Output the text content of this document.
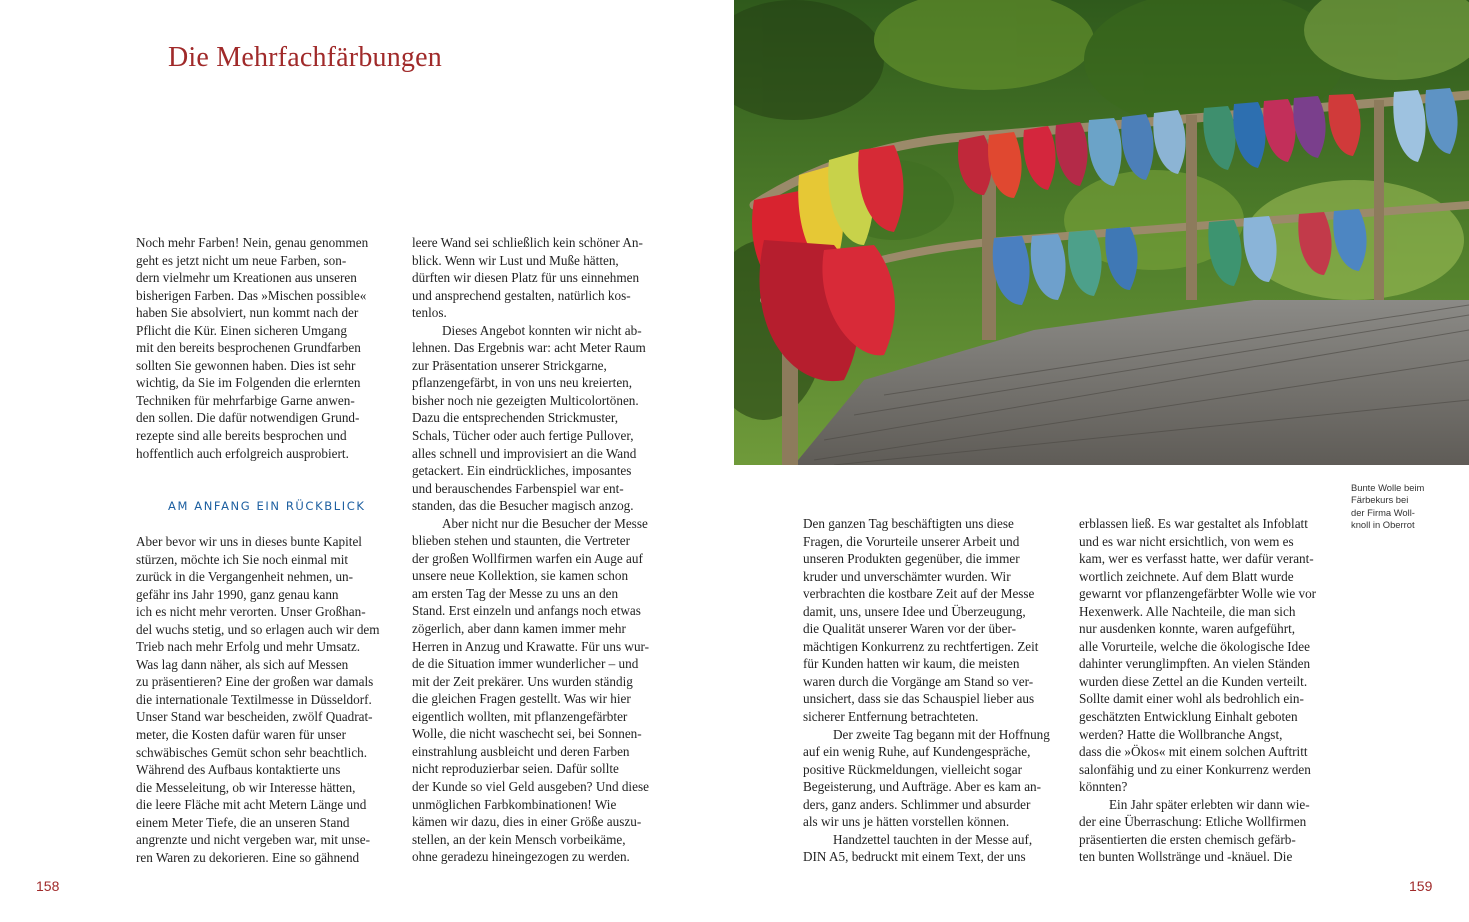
Die Mehrfachfärbungen

Noch mehr Farben! Nein, genau genommen
geht es jetzt nicht um neue Farben, son-
dern vielmehr um Kreationen aus unseren
bisherigen Farben. Das »Mischen possible«
haben Sie absolviert, nun kommt nach der
Pflicht die Kür. Einen sicheren Umgang
mit den bereits besprochenen Grundfarben
sollten Sie gewonnen haben. Dies ist sehr
wichtig, da Sie im Folgenden die erlernten
Techniken für mehrfarbige Garne anwen-
den sollen. Die dafür notwendigen Grund-
rezepte sind alle bereits besprochen und
hoffentlich auch erfolgreich ausprobiert.

AM ANFANG EIN RÜCKBLICK

Aber bevor wir uns in dieses bunte Kapitel
stürzen, möchte ich Sie noch einmal mit
zurück in die Vergangenheit nehmen, un-
gefähr ins Jahr 1990, ganz genau kann
ich es nicht mehr verorten. Unser Großhan-
del wuchs stetig, und so erlagen auch wir dem
Trieb nach mehr Erfolg und mehr Umsatz.
Was lag dann näher, als sich auf Messen
zu präsentieren? Eine der großen war damals
die internationale Textilmesse in Düsseldorf.
Unser Stand war bescheiden, zwölf Quadrat-
meter, die Kosten dafür waren für unser
schwäbisches Gemüt schon sehr beachtlich.
Während des Aufbaus kontaktierte uns
die Messeleitung, ob wir Interesse hätten,
die leere Fläche mit acht Metern Länge und
einem Meter Tiefe, die an unseren Stand
angrenzte und nicht vergeben war, mit unse-
ren Waren zu dekorieren. Eine so gähnend

leere Wand sei schließlich kein schöner An-
blick. Wenn wir Lust und Muße hätten,
dürften wir diesen Platz für uns einnehmen
und ansprechend gestalten, natürlich kos-
tenlos.

Dieses Angebot konnten wir nicht ab-
lehnen. Das Ergebnis war: acht Meter Raum
zur Präsentation unserer Strickgarne,
pflanzengefärbt, in von uns neu kreierten,
bisher noch nie gezeigten Multicolortönen.
Dazu die entsprechenden Strickmuster,
Schals, Tücher oder auch fertige Pullover,
alles schnell und improvisiert an die Wand
getackert. Ein eindrückliches, imposantes
und berauschendes Farbenspiel war ent-
standen, das die Besucher magisch anzog.

Aber nicht nur die Besucher der Messe
blieben stehen und staunten, die Vertreter
der großen Wollfirmen warfen ein Auge auf
unsere neue Kollektion, sie kamen schon
am ersten Tag der Messe zu uns an den
Stand. Erst einzeln und anfangs noch etwas
zögerlich, aber dann kamen immer mehr
Herren in Anzug und Krawatte. Für uns wur-
de die Situation immer wunderlicher – und
mit der Zeit prekärer. Uns wurden ständig
die gleichen Fragen gestellt. Was wir hier
eigentlich wollten, mit pflanzengefärbter
Wolle, die nicht waschecht sei, bei Sonnen-
einstrahlung ausbleicht und deren Farben
nicht reproduzierbar seien. Dafür sollte
der Kunde so viel Geld ausgeben? Und diese
unmöglichen Farbkombinationen! Wie
kämen wir dazu, dies in einer Größe auszu-
stellen, an der kein Mensch vorbeikäme,
ohne geradezu hineingezogen zu werden.

158
Bunte Wolle beim
Färbekurs bei
der Firma Woll-
knoll in Oberrot

Den ganzen Tag beschäftigten uns diese
Fragen, die Vorurteile unserer Arbeit und
unseren Produkten gegenüber, die immer
kruder und unverschämter wurden. Wir
verbrachten die kostbare Zeit auf der Messe
damit, uns, unsere Idee und Überzeugung,
die Qualität unserer Waren vor der über-
mächtigen Konkurrenz zu rechtfertigen. Zeit
für Kunden hatten wir kaum, die meisten
waren durch die Vorgänge am Stand so ver-
unsichert, dass sie das Schauspiel lieber aus
sicherer Entfernung betrachteten.

Der zweite Tag begann mit der Hoffnung
auf ein wenig Ruhe, auf Kundengespräche,
positive Rückmeldungen, vielleicht sogar
Begeisterung, und Aufträge. Aber es kam an-
ders, ganz anders. Schlimmer und absurder
als wir uns je hätten vorstellen können.

Handzettel tauchten in der Messe auf,
DIN A5, bedruckt mit einem Text, der uns

erblassen ließ. Es war gestaltet als Infoblatt
und es war nicht ersichtlich, von wem es
kam, wer es verfasst hatte, wer dafür verant-
wortlich zeichnete. Auf dem Blatt wurde
gewarnt vor pflanzengefärbter Wolle wie vor
Hexenwerk. Alle Nachteile, die man sich
nur ausdenken konnte, waren aufgeführt,
alle Vorurteile, welche die ökologische Idee
dahinter verunglimpften. An vielen Ständen
wurden diese Zettel an die Kunden verteilt.
Sollte damit einer wohl als bedrohlich ein-
geschätzten Entwicklung Einhalt geboten
werden? Hatte die Wollbranche Angst,
dass die »Ökos« mit einem solchen Auftritt
salonfähig und zu einer Konkurrenz werden
könnten?

Ein Jahr später erlebten wir dann wie-
der eine Überraschung: Etliche Wollfirmen
präsentierten die ersten chemisch gefärb-
ten bunten Wollstränge und -knäuel. Die

159
